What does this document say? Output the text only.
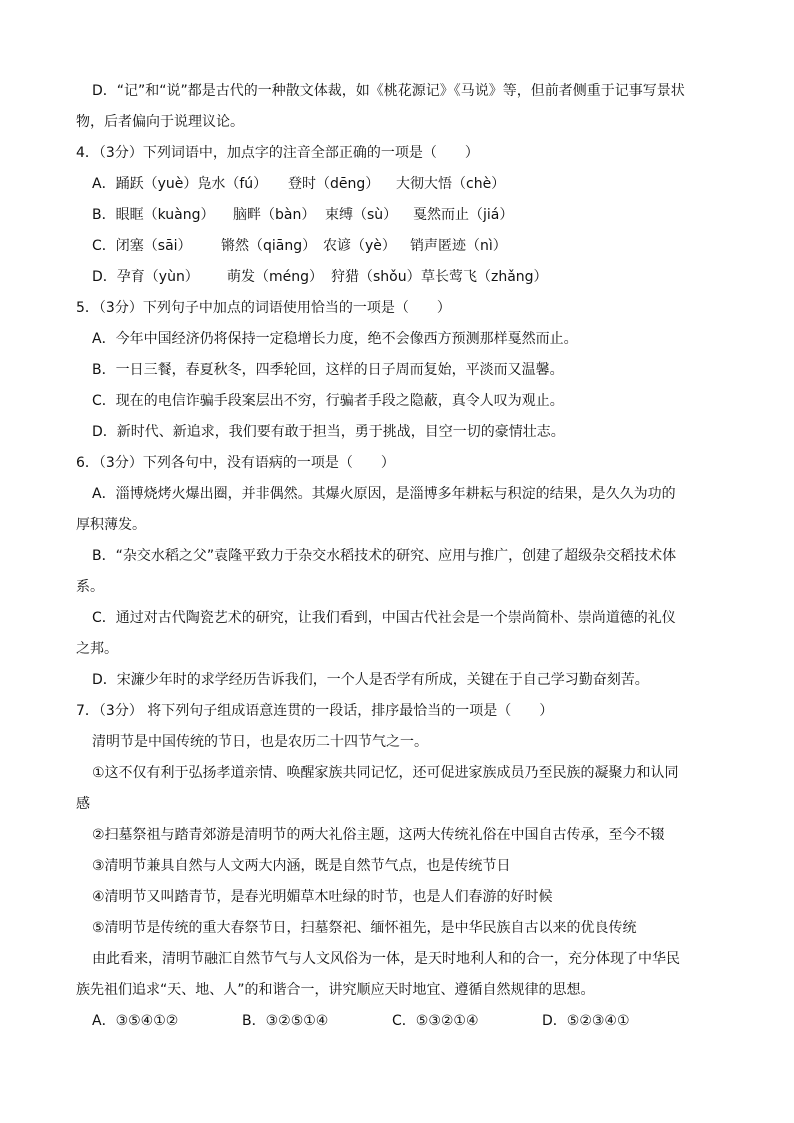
D．“记”和“说”都是古代的一种散文体裁，如《桃花源记》《马说》等，但前者侧重于记事写景状
物，后者偏向于说理议论。
4．（3分）下列词语中，加点字的注音全部正确的一项是（　　）
A．踊跃（yuè）凫水（fú）	登时（dēng）	大彻大悟（chè）
B．眼眶（kuàng）	脑畔（bàn） 束缚（sù）	戛然而止（jiá）
C．闭塞（sāi）	锵然（qiāng） 农谚（yè）	销声匿迹（nì）
D．孕育（yùn）	萌发（méng） 狩猎（shǒu） 草长莺飞（zhǎng）
5．（3分）下列句子中加点的词语使用恰当的一项是（　　）
A．今年中国经济仍将保持一定稳增长力度，绝不会像西方预测那样戛然而止。
B．一日三餐，春夏秋冬，四季轮回，这样的日子周而复始，平淡而又温馨。
C．现在的电信诈骗手段案层出不穷，行骗者手段之隐蔽，真令人叹为观止。
D．新时代、新追求，我们要有敢于担当，勇于挑战，目空一切的豪情壮志。
6．（3分）下列各句中，没有语病的一项是（　　）
A．淄博烧烤火爆出圈，并非偶然。其爆火原因，是淄博多年耕耘与积淀的结果，是久久为功的
厚积薄发。
B．“杂交水稻之父”袁隆平致力于杂交水稻技术的研究、应用与推广，创建了超级杂交稻技术体
系。
C．通过对古代陶瓷艺术的研究，让我们看到，中国古代社会是一个崇尚简朴、崇尚道德的礼仪
之邦。
D．宋濂少年时的求学经历告诉我们，一个人是否学有所成，关键在于自己学习勤奋刻苦。
7．（3分） 将下列句子组成语意连贯的一段话，排序最恰当的一项是（　　）
清明节是中国传统的节日，也是农历二十四节气之一。
①这不仅有利于弘扬孝道亲情、唤醒家族共同记忆，还可促进家族成员乃至民族的凝聚力和认同
感
②扫墓祭祖与踏青郊游是清明节的两大礼俗主题，这两大传统礼俗在中国自古传承，至今不辍
③清明节兼具自然与人文两大内涵，既是自然节气点，也是传统节日
④清明节又叫踏青节，是春光明媚草木吐绿的时节，也是人们春游的好时候
⑤清明节是传统的重大春祭节日，扫墓祭祀、缅怀祖先，是中华民族自古以来的优良传统
由此看来，清明节融汇自然节气与人文风俗为一体，是天时地利人和的合一，充分体现了中华民
族先祖们追求“天、地、人”的和谐合一，讲究顺应天时地宜、遵循自然规律的思想。
A．③⑤④①②	B．③②⑤①④	C．⑤③②①④	D．⑤②③④①
